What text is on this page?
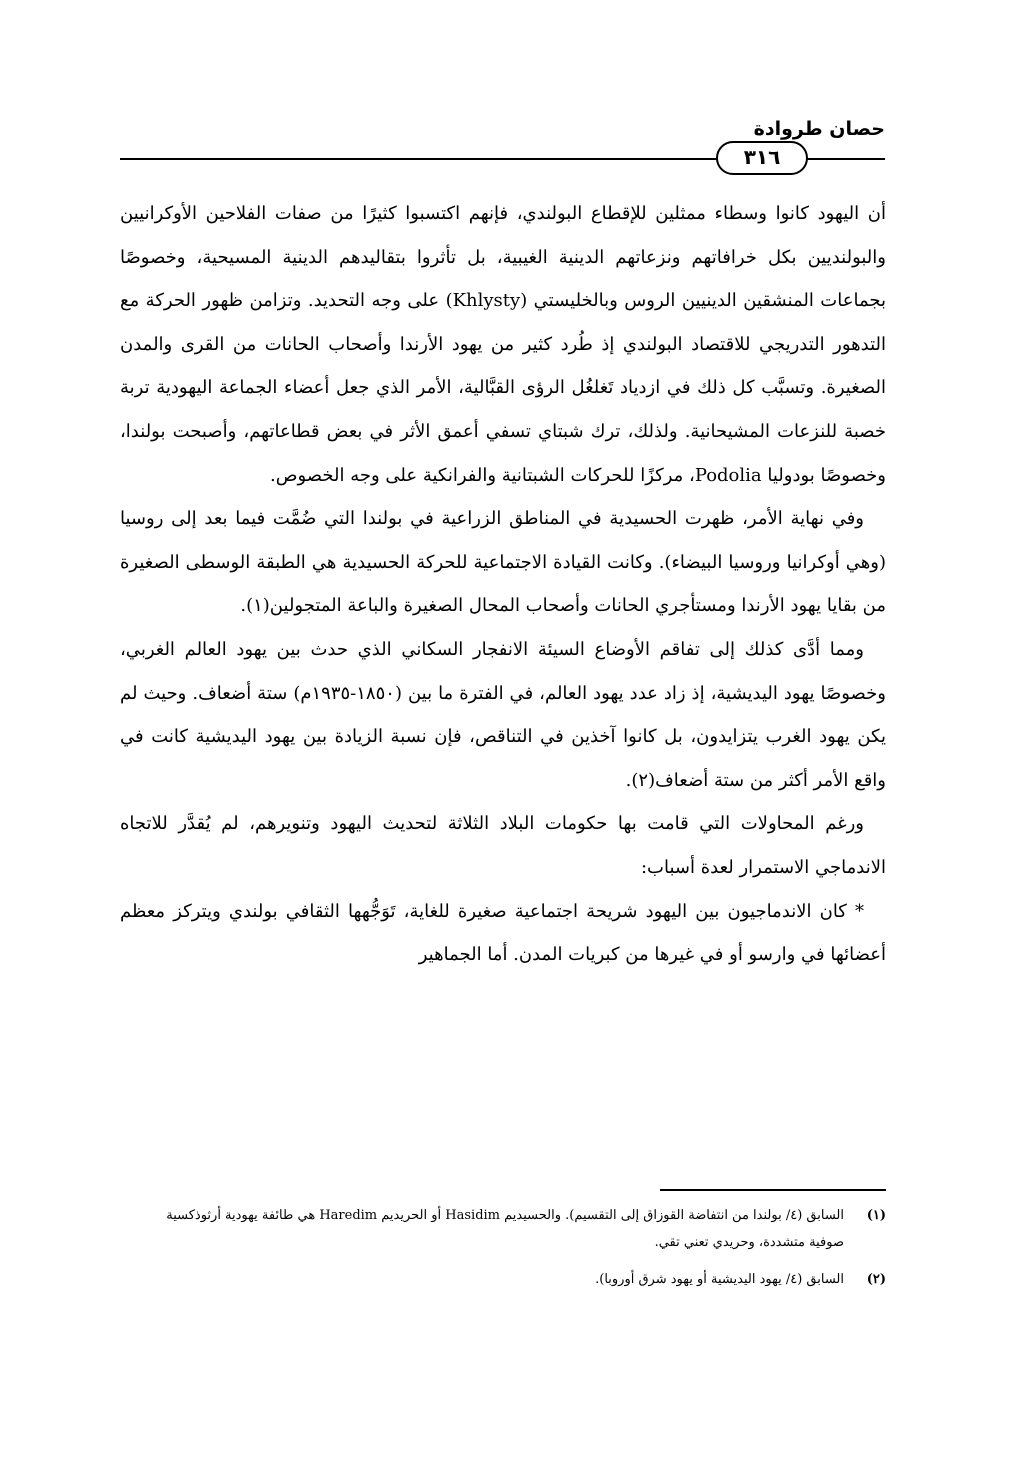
حصان طروادة
٣١٦

أن اليهود كانوا وسطاء ممثلين للإقطاع البولندي، فإنهم اكتسبوا كثيرًا من صفات الفلاحين الأوكرانيين والبولنديين بكل خرافاتهم ونزعاتهم الدينية الغيبية، بل تأثروا بتقاليدهم الدينية المسيحية، وخصوصًا بجماعات المنشقين الدينيين الروس وبالخليستي (Khlysty) على وجه التحديد. وتزامن ظهور الحركة مع التدهور التدريجي للاقتصاد البولندي إذ طُرد كثير من يهود الأرندا وأصحاب الحانات من القرى والمدن الصغيرة. وتسبَّب كل ذلك في ازدياد تَغلغُل الرؤى القبَّالية، الأمر الذي جعل أعضاء الجماعة اليهودية تربة خصبة للنزعات المشيحانية. ولذلك، ترك شبتاي تسفي أعمق الأثر في بعض قطاعاتهم، وأصبحت بولندا، وخصوصًا بودوليا Podolia، مركزًا للحركات الشبتانية والفرانكية على وجه الخصوص.

وفي نهاية الأمر، ظهرت الحسيدية في المناطق الزراعية في بولندا التي ضُمَّت فيما بعد إلى روسيا (وهي أوكرانيا وروسيا البيضاء). وكانت القيادة الاجتماعية للحركة الحسيدية هي الطبقة الوسطى الصغيرة من بقايا يهود الأرندا ومستأجري الحانات وأصحاب المحال الصغيرة والباعة المتجولين(١).

ومما أدَّى كذلك إلى تفاقم الأوضاع السيئة الانفجار السكاني الذي حدث بين يهود العالم الغربي، وخصوصًا يهود اليديشية، إذ زاد عدد يهود العالم، في الفترة ما بين (١٨٥٠-١٩٣٥م) ستة أضعاف. وحيث لم يكن يهود الغرب يتزايدون، بل كانوا آخذين في التناقص، فإن نسبة الزيادة بين يهود اليديشية كانت في واقع الأمر أكثر من ستة أضعاف(٢).

ورغم المحاولات التي قامت بها حكومات البلاد الثلاثة لتحديث اليهود وتنويرهم، لم يُقدَّر للاتجاه الاندماجي الاستمرار لعدة أسباب:

* كان الاندماجيون بين اليهود شريحة اجتماعية صغيرة للغاية، تَوَجُّهها الثقافي بولندي ويتركز معظم أعضائها في وارسو أو في غيرها من كبريات المدن. أما الجماهير

(١)
السابق (٤/ بولندا من انتفاضة القوزاق إلى التقسيم). والحسيديم Hasidim أو الحريديم Haredim هي طائفة يهودية أرثوذكسية صوفية متشددة، وحريدي تعني تقي.
(٢)
السابق (٤/ يهود اليديشية أو يهود شرق أوروبا).
